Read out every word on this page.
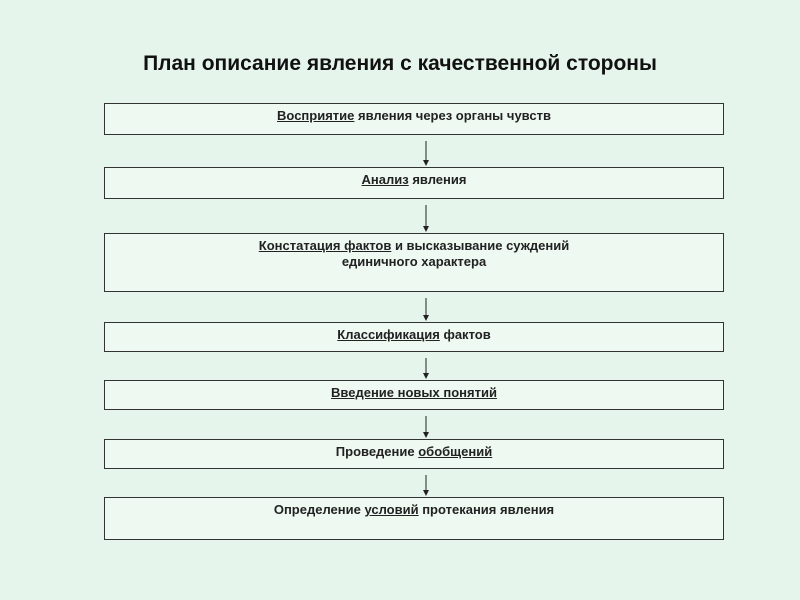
План описание явления с качественной стороны
Восприятие явления через органы чувств
Анализ явления
Констатация фактов и высказывание суждений
единичного характера
Классификация фактов
Введение новых понятий
Проведение обобщений
Определение условий протекания явления
